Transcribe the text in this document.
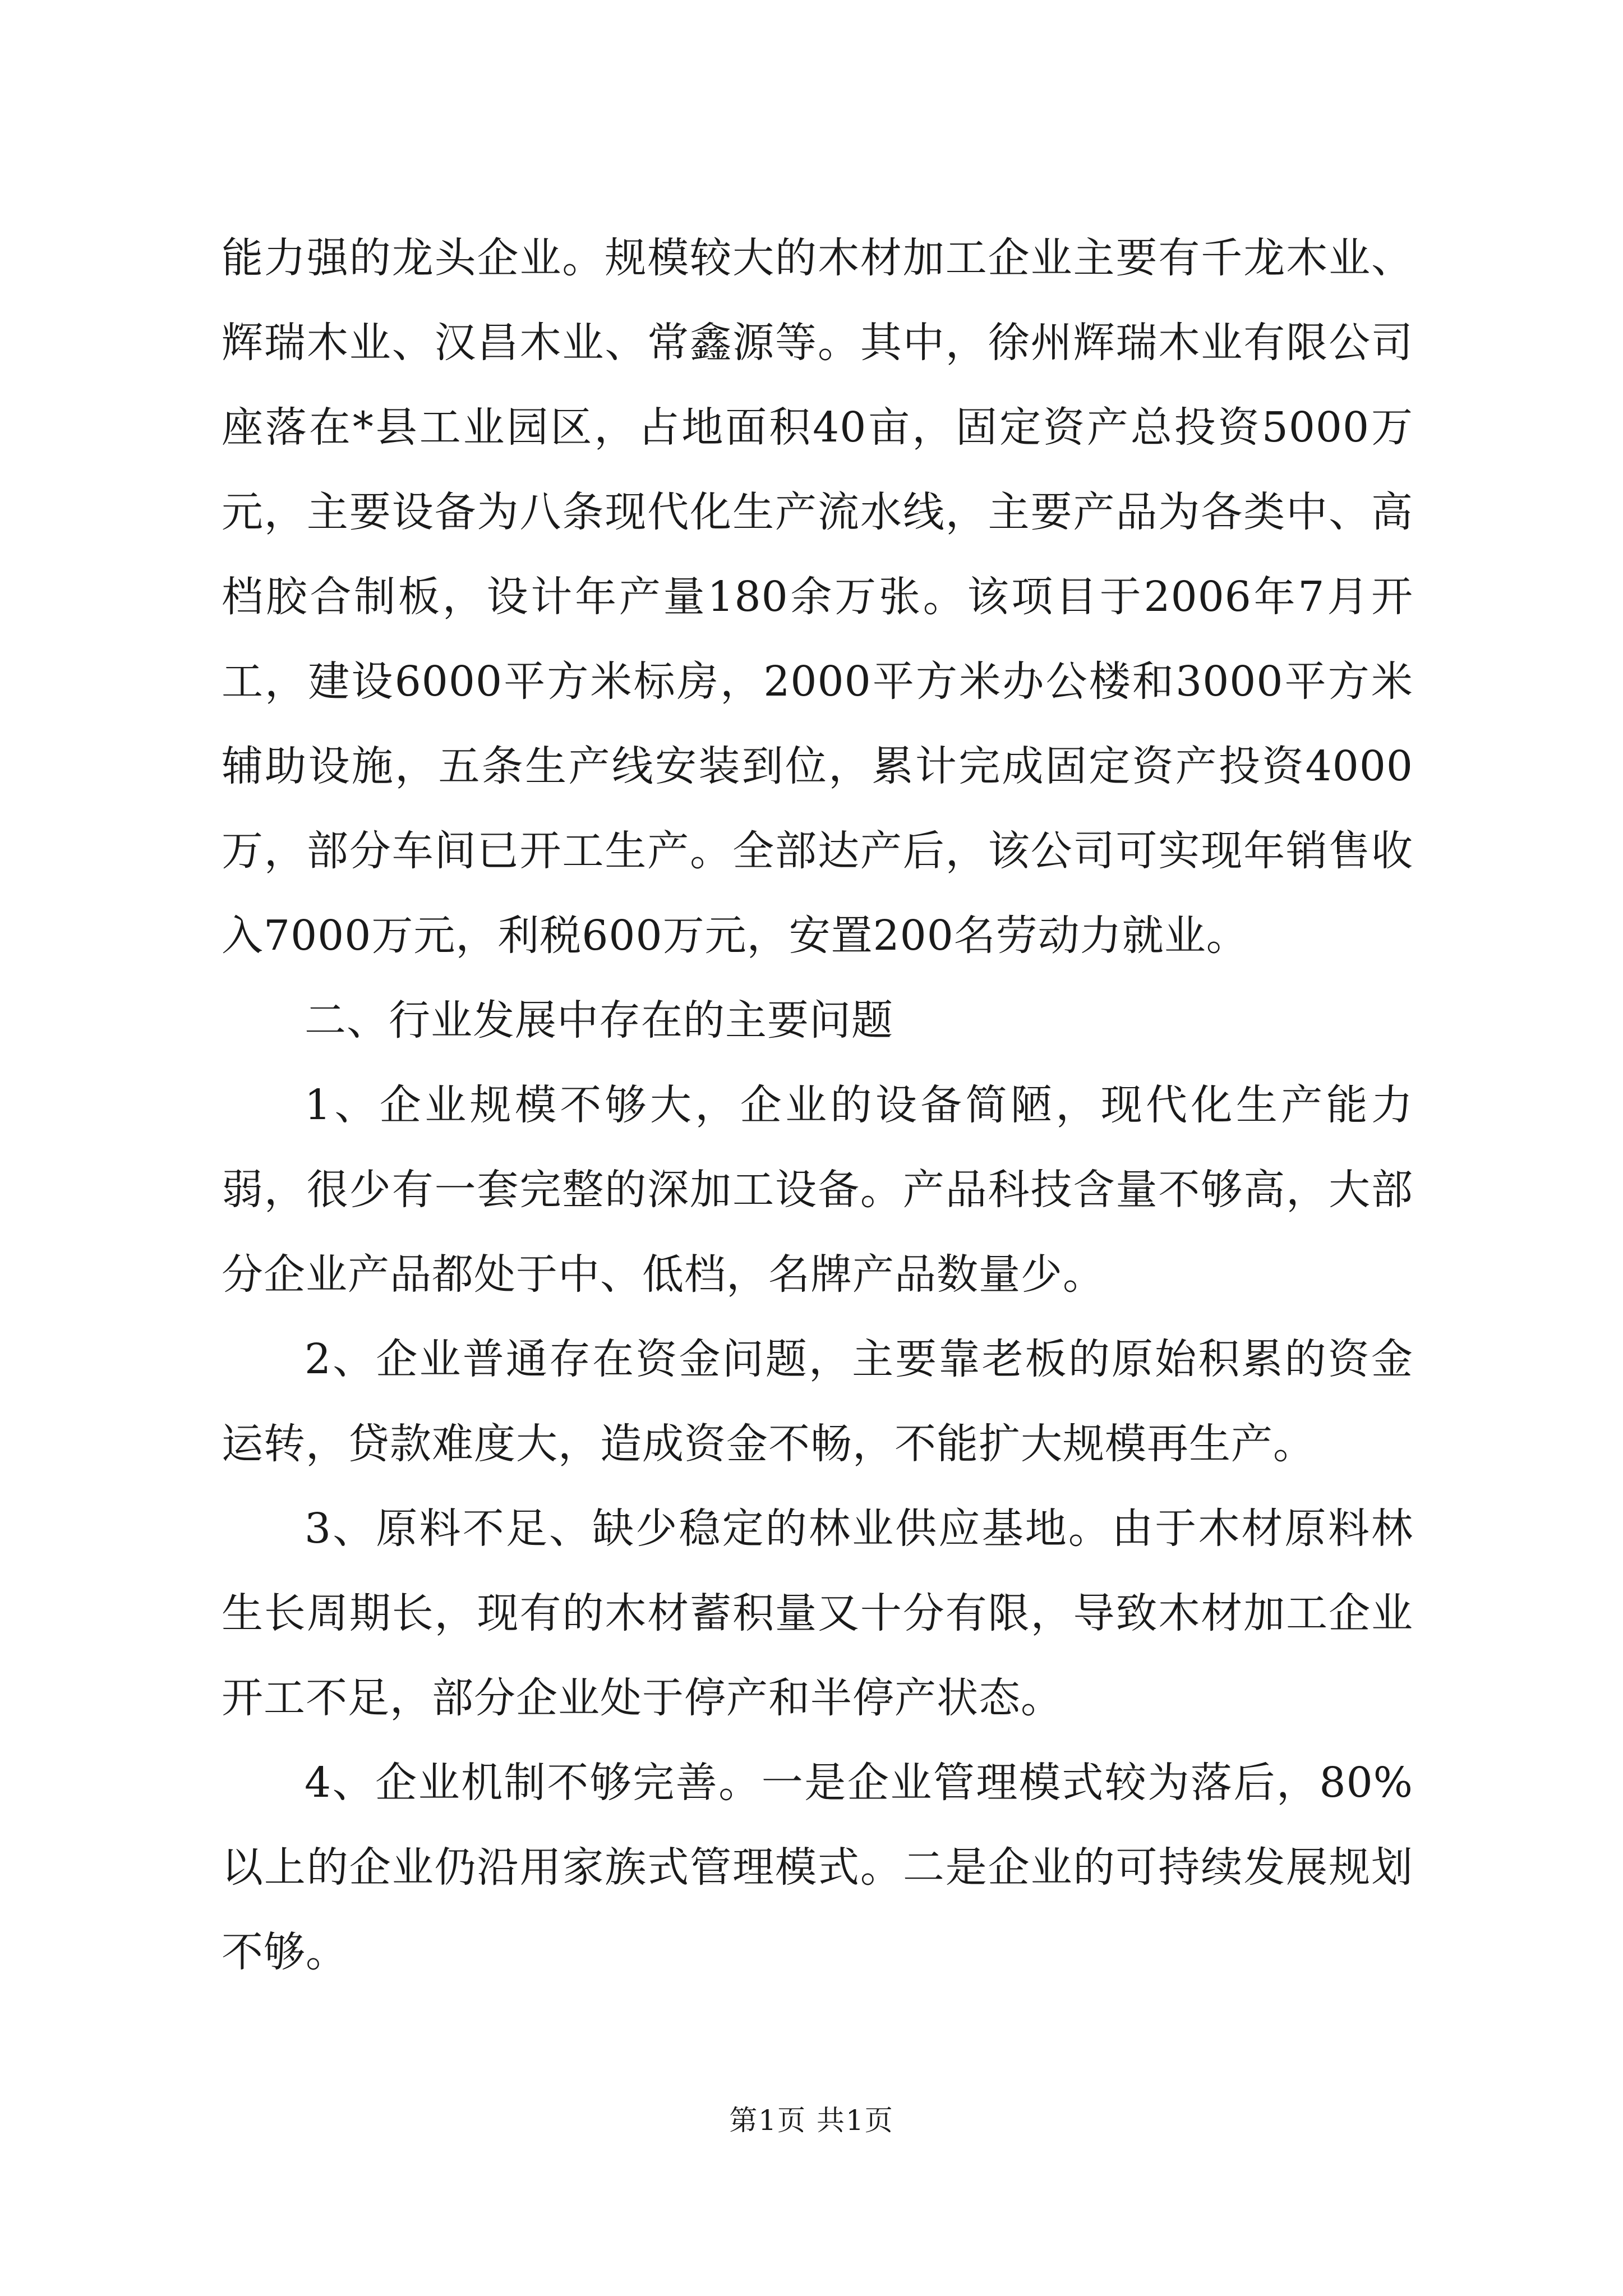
能力强的龙头企业。规模较大的木材加工企业主要有千龙木业、辉瑞木业、汉昌木业、常鑫源等。其中，徐州辉瑞木业有限公司座落在*县工业园区，占地面积40亩，固定资产总投资5000万元，主要设备为八条现代化生产流水线，主要产品为各类中、高档胶合制板，设计年产量180余万张。该项目于2006年7月开工，建设6000平方米标房，2000平方米办公楼和3000平方米辅助设施，五条生产线安装到位，累计完成固定资产投资4000万，部分车间已开工生产。全部达产后，该公司可实现年销售收入7000万元，利税600万元，安置200名劳动力就业。

二、行业发展中存在的主要问题

1、企业规模不够大，企业的设备简陋，现代化生产能力弱，很少有一套完整的深加工设备。产品科技含量不够高，大部分企业产品都处于中、低档，名牌产品数量少。

2、企业普通存在资金问题，主要靠老板的原始积累的资金运转，贷款难度大，造成资金不畅，不能扩大规模再生产。

3、原料不足、缺少稳定的林业供应基地。由于木材原料林生长周期长，现有的木材蓄积量又十分有限，导致木材加工企业开工不足，部分企业处于停产和半停产状态。

4、企业机制不够完善。一是企业管理模式较为落后，80%以上的企业仍沿用家族式管理模式。二是企业的可持续发展规划不够。

第1页 共1页
